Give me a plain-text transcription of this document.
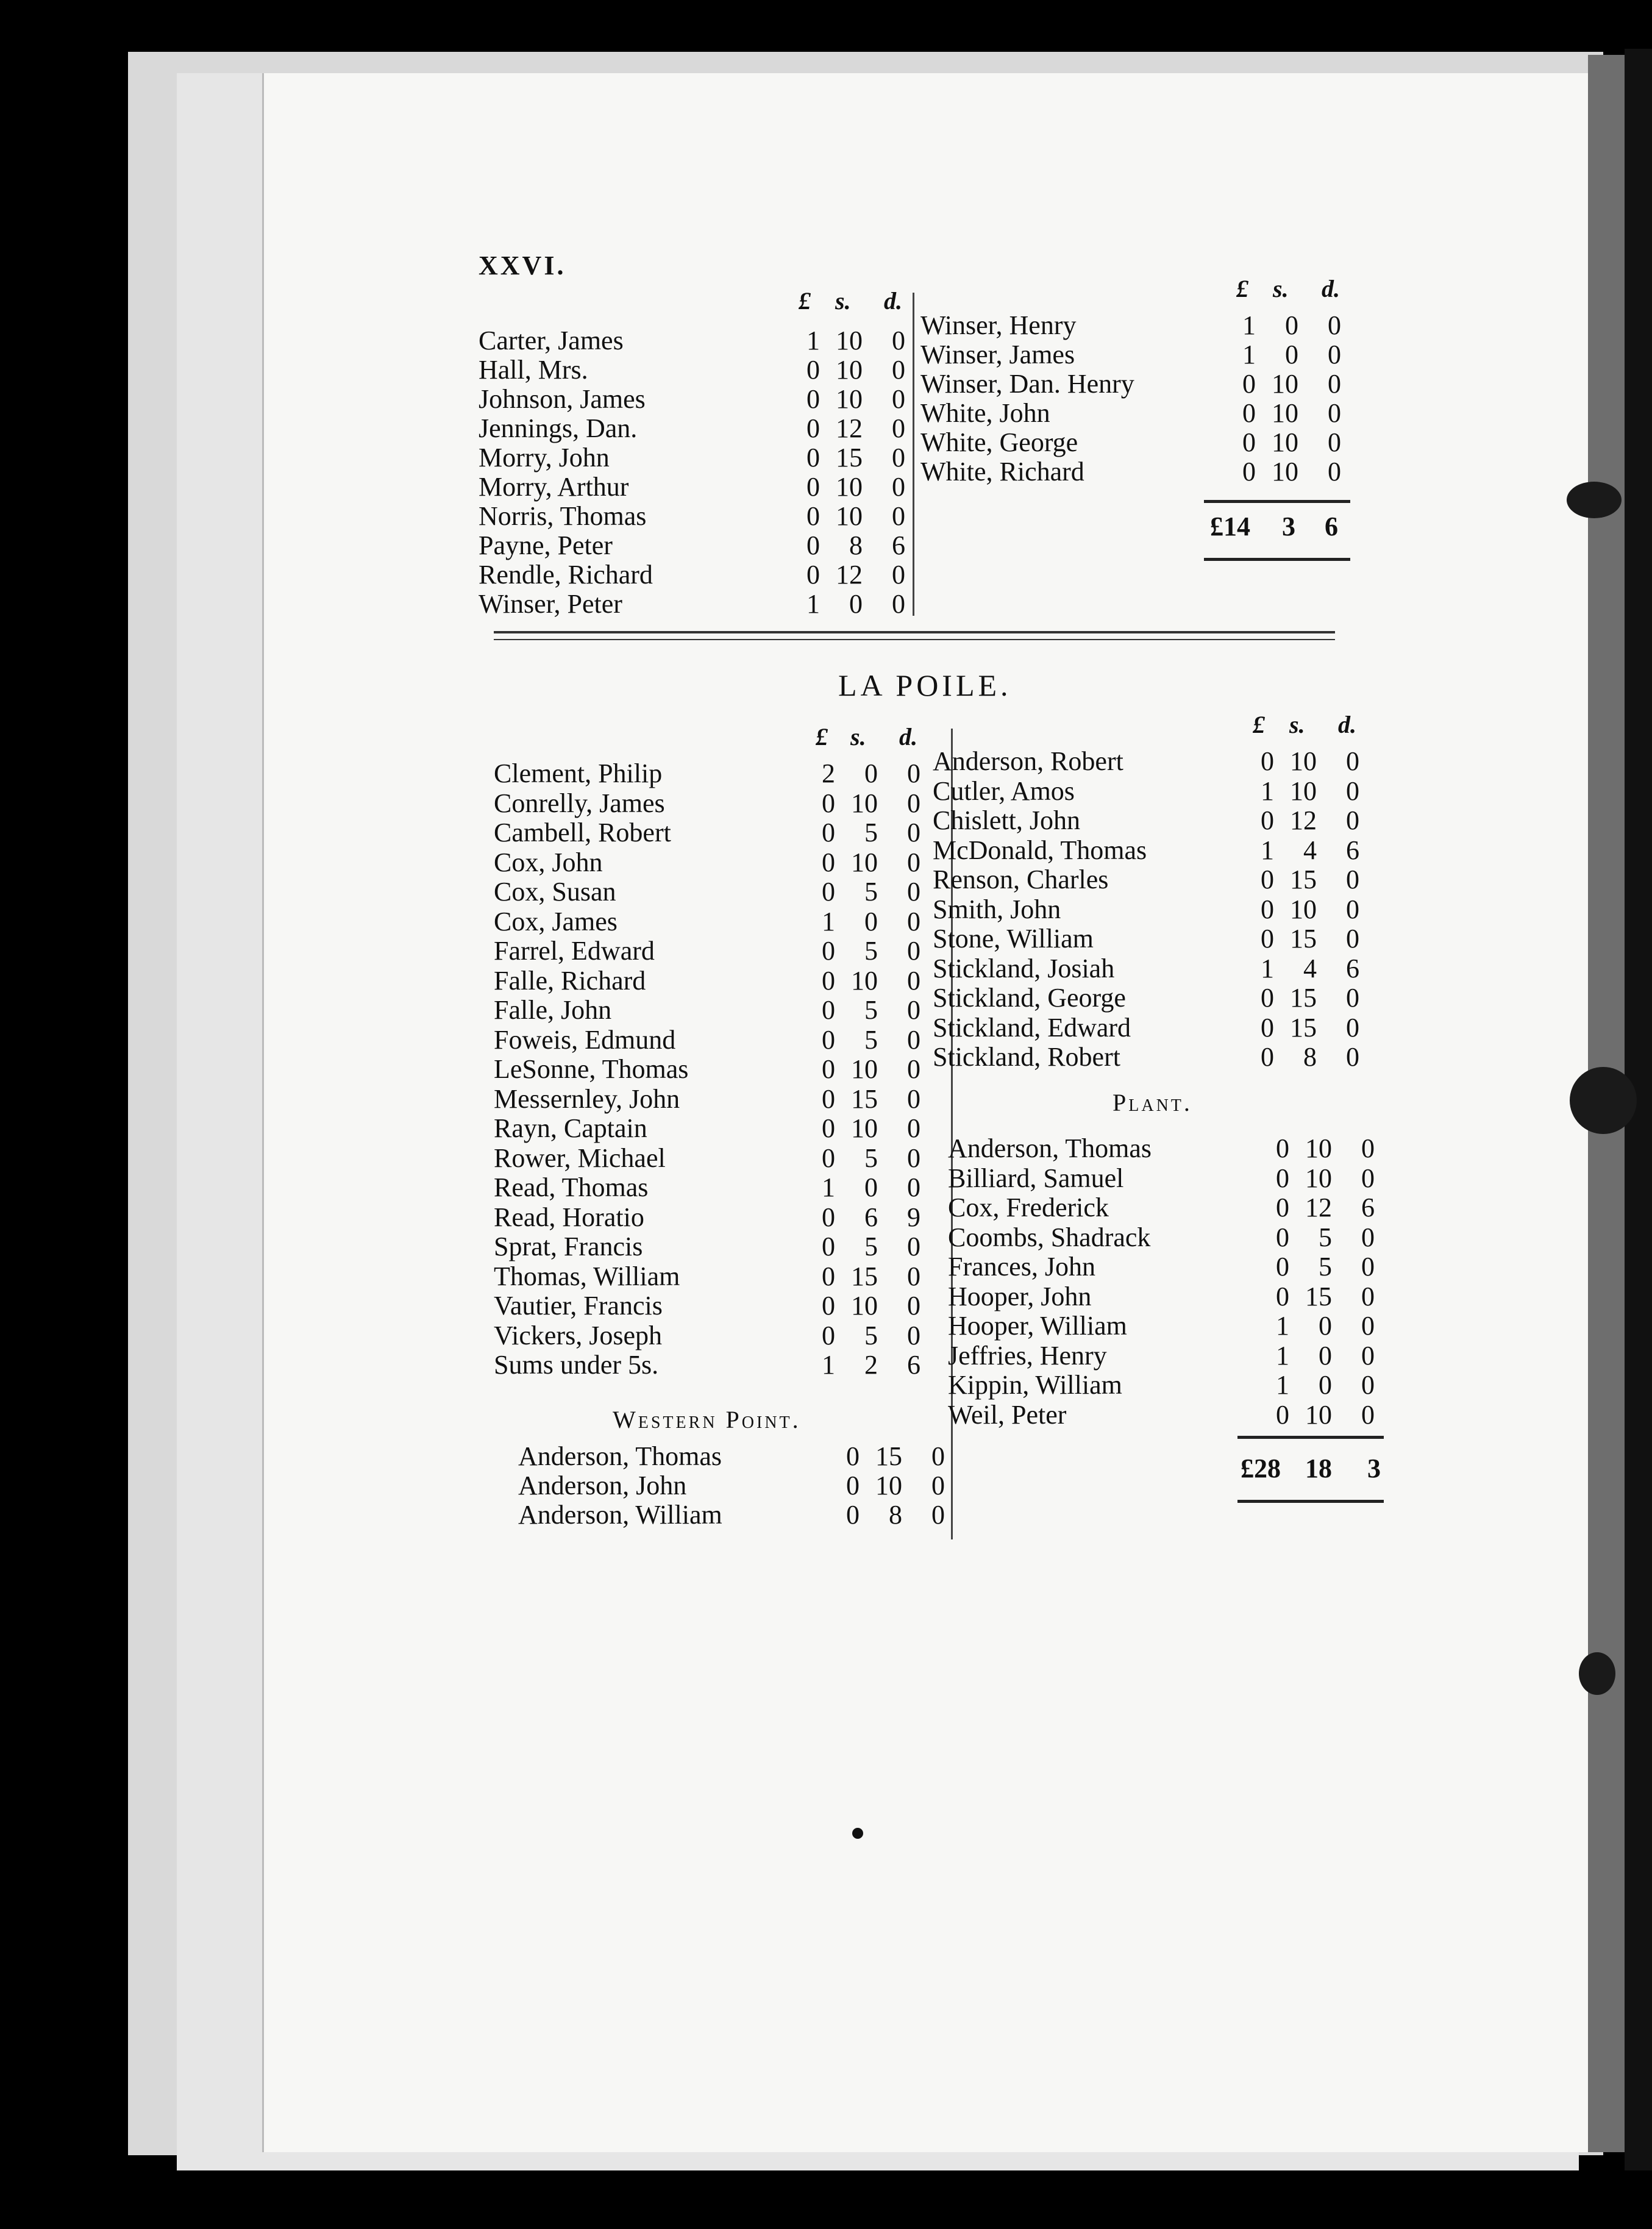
XXVI.
£ s. d.	£ s. d.
Carter, James	1 10	0
Hall, Mrs.	0 10	0
Johnson, James	0 10	0
Jennings, Dan.	0 12	0
Morry, John	0 15	0
Morry, Arthur	0 10	0
Norris, Thomas	0 10	0
Payne, Peter	0	8	6
Rendle, Richard	0 12	0
Winser, Peter	1	0	0
Winser, Henry	1	0	0
Winser, James	1	0	0
Winser, Dan. Henry	0 10	0
White, John	0 10	0
White, George	0 10	0
White, Richard	0 10	0
£14	3	6
LA POILE.
£ s. d.	£ s. d.
Clement, Philip	2	0	0
Conrelly, James	0 10	0
Cambell, Robert	0	5	0
Cox, John	0 10	0
Cox, Susan	0	5	0
Cox, James	1	0	0
Farrel, Edward	0	5	0
Falle, Richard	0 10	0
Falle, John	0	5	0
Foweis, Edmund	0	5	0
LeSonne, Thomas	0 10	0
Messernley, John	0 15	0
Rayn, Captain	0 10	0
Rower, Michael	0	5	0
Read, Thomas	1	0	0
Read, Horatio	0	6	9
Sprat, Francis	0	5	0
Thomas, William	0 15	0
Vautier, Francis	0 10	0
Vickers, Joseph	0	5	0
Sums under 5s.	1	2	6
Western Point.
Anderson, Thomas	0 15	0
Anderson, John	0 10	0
Anderson, William	0	8	0
Anderson, Robert	0 10	0
Cutler, Amos	1 10	0
Chislett, John	0 12	0
McDonald, Thomas	1	4	6
Renson, Charles	0 15	0
Smith, John	0 10	0
Stone, William	0 15	0
Stickland, Josiah	1	4	6
Stickland, George	0 15	0
Stickland, Edward	0 15	0
Stickland, Robert	0	8	0
Plant.
Anderson, Thomas	0 10	0
Billiard, Samuel	0 10	0
Cox, Frederick	0 12	6
Coombs, Shadrack	0	5	0
Frances, John	0	5	0
Hooper, John	0 15	0
Hooper, William	1	0	0
Jeffries, Henry	1	0	0
Kippin, William	1	0	0
Weil, Peter	0 10	0
£28 18	3
